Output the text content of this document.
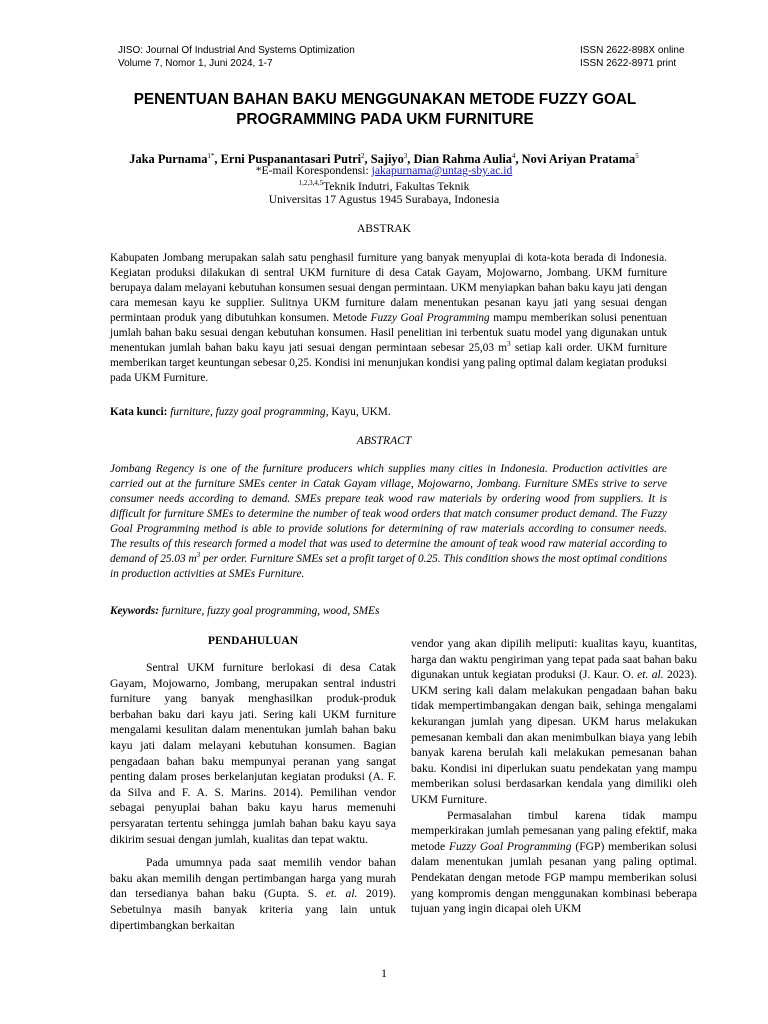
JISO: Journal Of Industrial And Systems Optimization
Volume 7, Nomor 1, Juni 2024, 1-7
ISSN 2622-898X online
ISSN 2622-8971 print
PENENTUAN BAHAN BAKU MENGGUNAKAN METODE FUZZY GOAL
PROGRAMMING PADA UKM FURNITURE
Jaka Purnama$^{1*}$, Erni Puspanantasari Putri$^2$, Sajiyo$^3$, Dian Rahma Aulia$^4$, Novi Ariyan Pratama$^5$
*E-mail Korespondensi: jakapurnama@untag-sby.ac.id
$^{1,2,3,4,5}$Teknik Indutri, Fakultas Teknik
Universitas 17 Agustus 1945 Surabaya, Indonesia
ABSTRAK
Kabupaten Jombang merupakan salah satu penghasil furniture yang banyak menyuplai di kota-kota berada di Indonesia. Kegiatan produksi dilakukan di sentral UKM furniture di desa Catak Gayam, Mojowarno, Jombang. UKM furniture berupaya dalam melayani kebutuhan konsumen sesuai dengan permintaan. UKM menyiapkan bahan baku kayu jati dengan cara memesan kayu ke supplier. Sulitnya UKM furniture dalam menentukan pesanan kayu jati yang sesuai dengan permintaan produk yang dibutuhkan konsumen. Metode Fuzzy Goal Programming mampu memberikan solusi penentuan jumlah bahan baku sesuai dengan kebutuhan konsumen. Hasil penelitian ini terbentuk suatu model yang digunakan untuk menentukan jumlah bahan baku kayu jati sesuai dengan permintaan sebesar 25,03 $m^3$ setiap kali order. UKM furniture memberikan target keuntungan sebesar 0,25. Kondisi ini menunjukan kondisi yang paling optimal dalam kegiatan produksi pada UKM Furniture.
Kata kunci: furniture, fuzzy goal programming, Kayu, UKM.
ABSTRACT
Jombang Regency is one of the furniture producers which supplies many cities in Indonesia. Production activities are carried out at the furniture SMEs center in Catak Gayam village, Mojowarno, Jombang. Furniture SMEs strive to serve consumer needs according to demand. SMEs prepare teak wood raw materials by ordering wood from suppliers. It is difficult for furniture SMEs to determine the number of teak wood orders that match consumer product demand. The Fuzzy Goal Programming method is able to provide solutions for determining of raw materials according to consumer needs. The results of this research formed a model that was used to determine the amount of teak wood raw material according to demand of 25.03 $m^3$ per order. Furniture SMEs set a profit target of 0.25. This condition shows the most optimal conditions in production activities at SMEs Furniture.
Keywords: furniture, fuzzy goal programming, wood, SMEs
PENDAHULUAN

Sentral UKM furniture berlokasi di desa Catak Gayam, Mojowarno, Jombang, merupakan sentral industri furniture yang banyak menghasilkan produk-produk berbahan baku dari kayu jati. Sering kali UKM furniture mengalami kesulitan dalam menentukan jumlah bahan baku kayu jati dalam melayani kebutuhan konsumen. Bagian pengadaan bahan baku mempunyai peranan yang sangat penting dalam proses berkelanjutan kegiatan produksi (A. F. da Silva and F. A. S. Marins. 2014). Pemilihan vendor sebagai penyuplai bahan baku kayu harus memenuhi persyaratan tertentu sehingga jumlah bahan baku kayu saya dikirim sesuai dengan jumlah, kualitas dan tepat waktu.

Pada umumnya pada saat memilih vendor bahan baku akan memilih dengan pertimbangan harga yang murah dan tersedianya bahan baku (Gupta. S. et. al. 2019). Sebetulnya masih banyak kriteria yang lain untuk dipertimbangkan berkaitan

vendor yang akan dipilih meliputi: kualitas kayu, kuantitas, harga dan waktu pengiriman yang tepat pada saat bahan baku digunakan untuk kegiatan produksi (J. Kaur. O. et. al. 2023). UKM sering kali dalam melakukan pengadaan bahan baku tidak mempertimbangakan dengan baik, sehinga mengalami kekurangan jumlah yang dipesan. UKM harus melakukan pemesanan kembali dan akan menimbulkan biaya yang lebih banyak karena berulah kali melakukan pemesanan bahan baku. Kondisi ini diperlukan suatu pendekatan yang mampu memberikan solusi berdasarkan kendala yang dimiliki oleh UKM Furniture.

Permasalahan timbul karena tidak mampu memperkirakan jumlah pemesanan yang paling efektif, maka metode Fuzzy Goal Programming (FGP) memberikan solusi dalam menentukan jumlah pesanan yang paling optimal. Pendekatan dengan metode FGP mampu memberikan solusi yang kompromis dengan menggunakan kombinasi beberapa tujuan yang ingin dicapai oleh UKM

1
